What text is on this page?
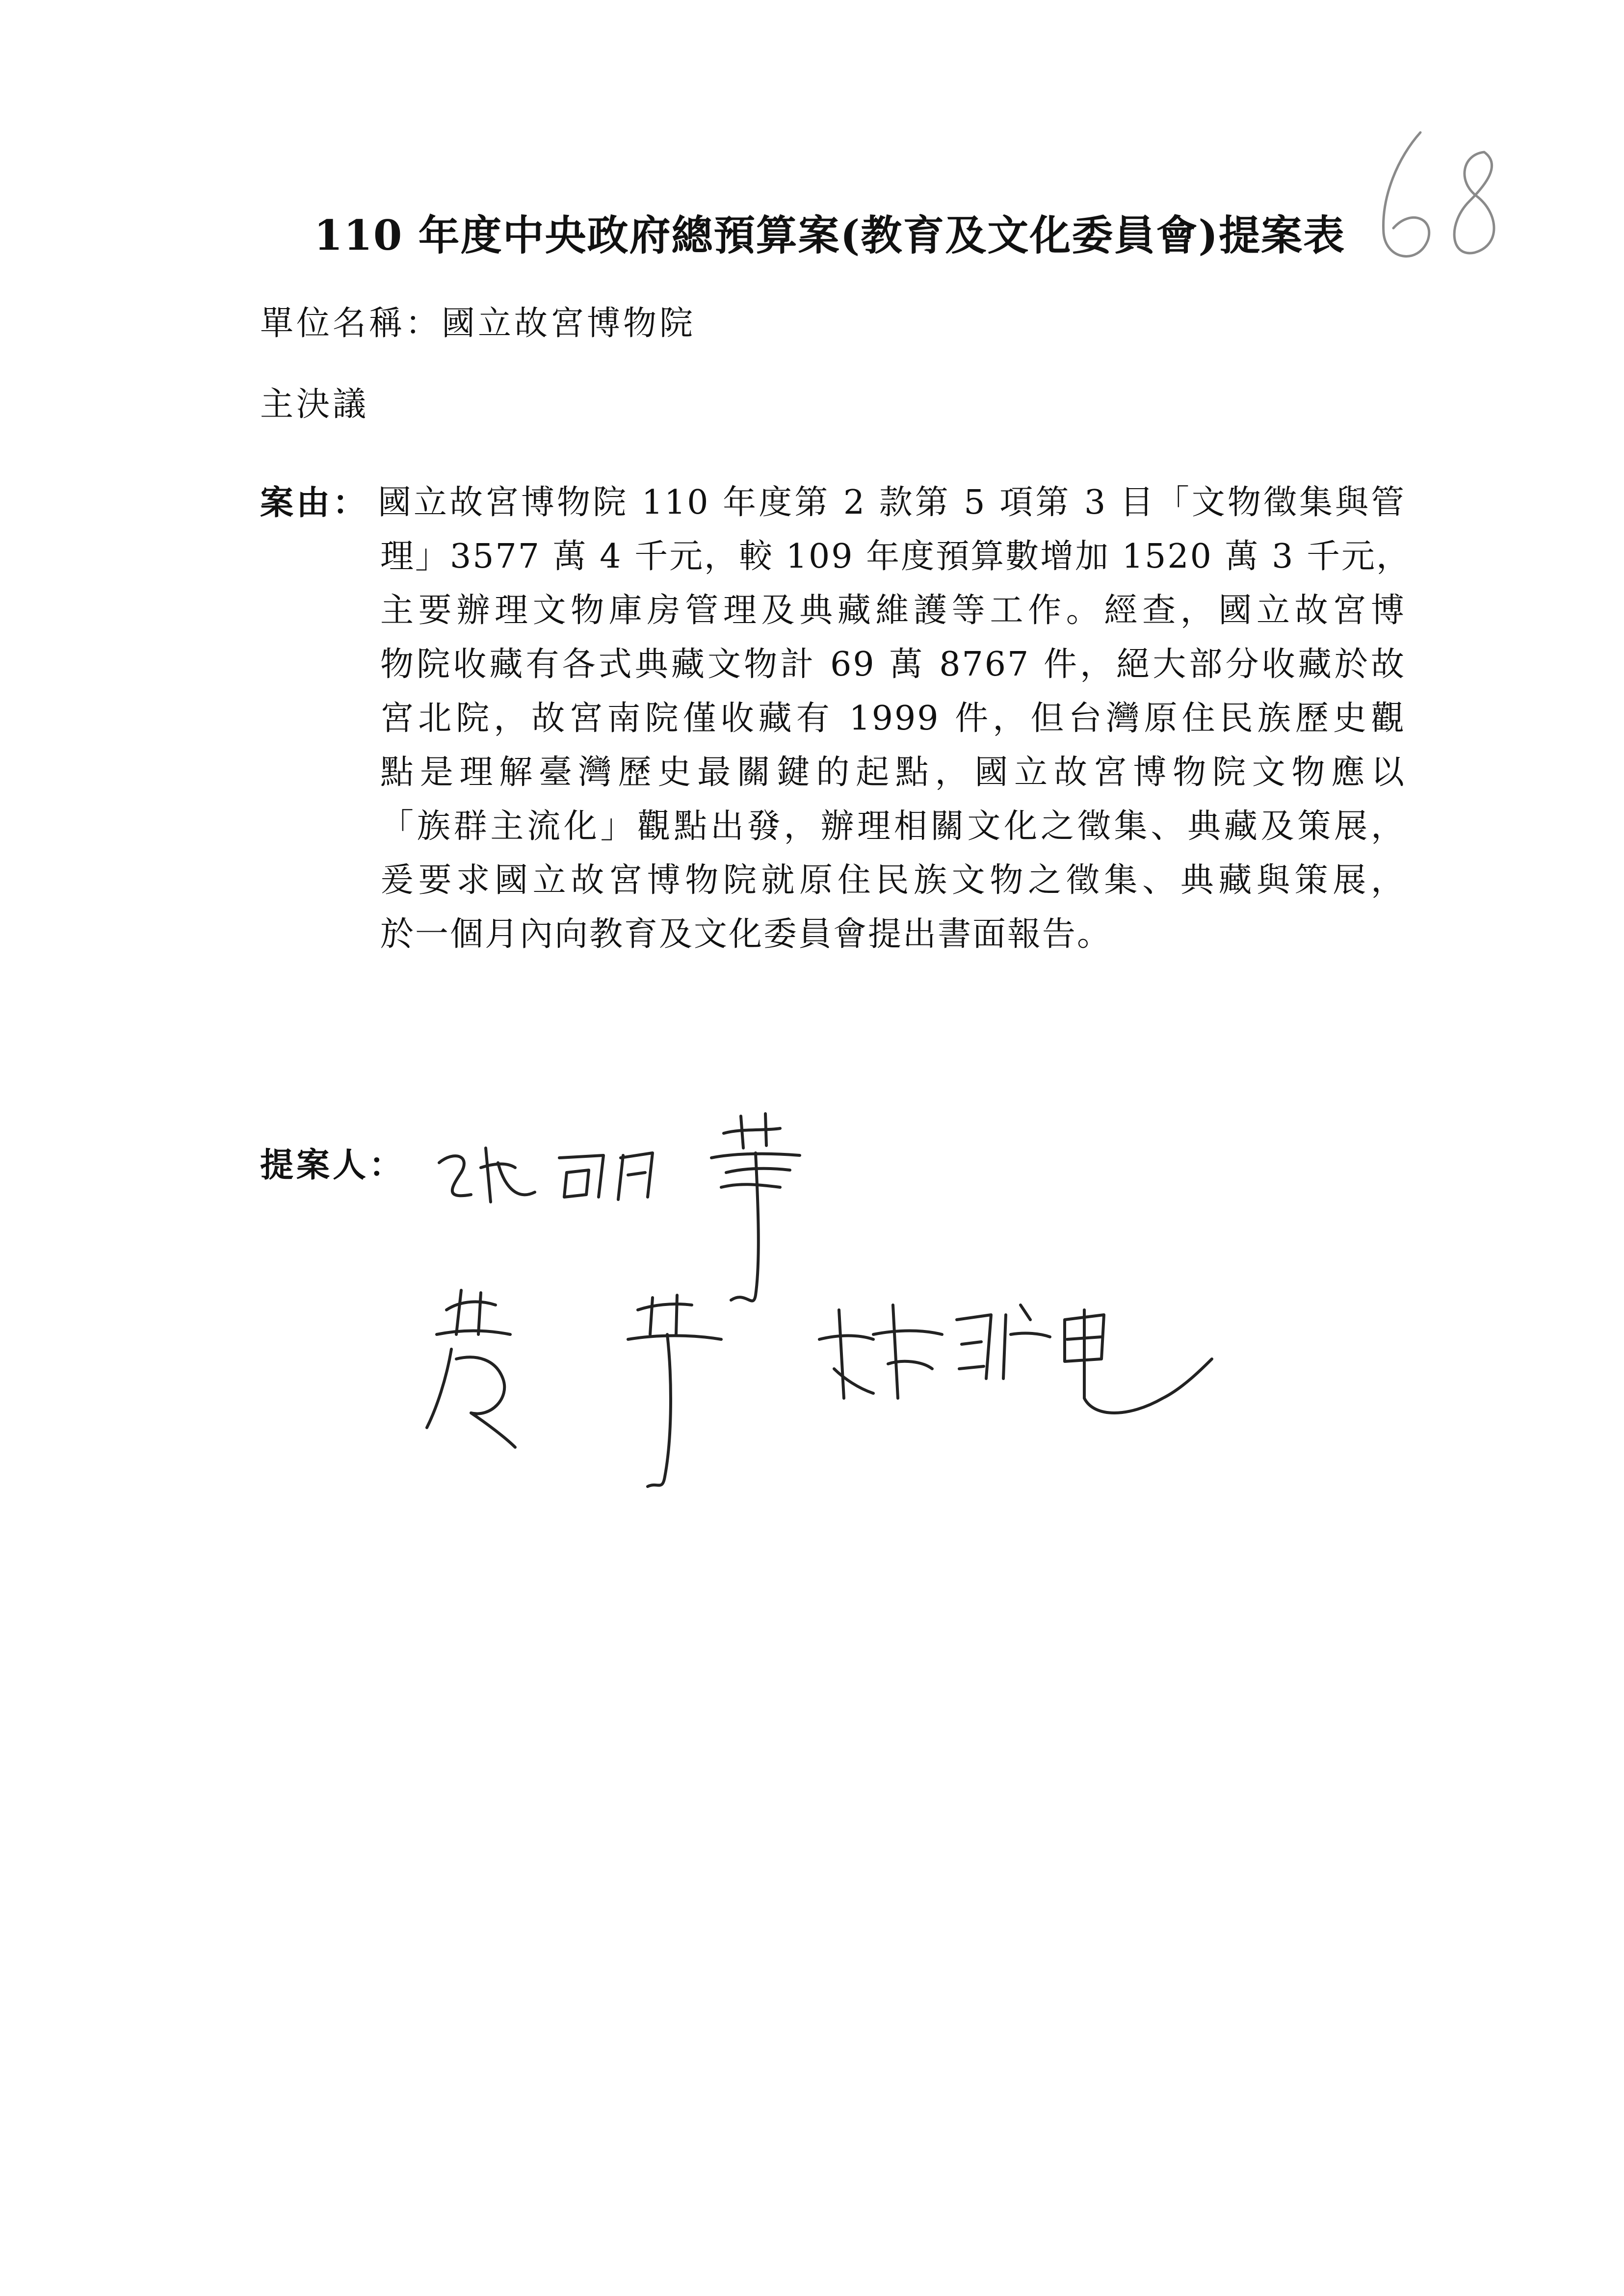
110 年度中央政府總預算案(教育及文化委員會)提案表
單位名稱：國立故宮博物院
主決議
案由： 國立故宮博物院 110 年度第 2 款第 5 項第 3 目「文物徵集與管
理」3577 萬 4 千元，較 109 年度預算數增加 1520 萬 3 千元，
主要辦理文物庫房管理及典藏維護等工作。經查，國立故宮博
物院收藏有各式典藏文物計 69 萬 8767 件，絕大部分收藏於故
宮北院，故宮南院僅收藏有 1999 件，但台灣原住民族歷史觀
點是理解臺灣歷史最關鍵的起點，國立故宮博物院文物應以
「族群主流化」觀點出發，辦理相關文化之徵集、典藏及策展，
爰要求國立故宮博物院就原住民族文物之徵集、典藏與策展，
於一個月內向教育及文化委員會提出書面報告。
提案人：
